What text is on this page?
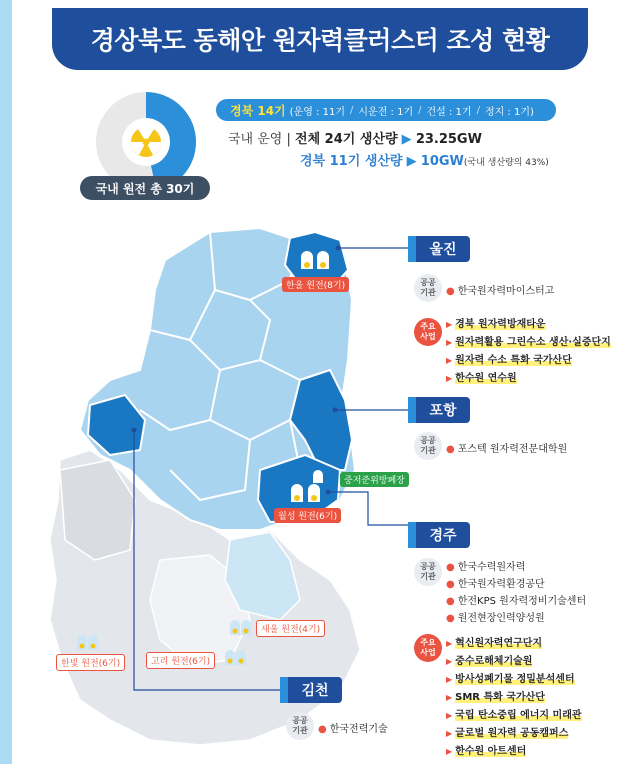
경상북도 동해안 원자력클러스터 조성 현황
국내 원전 총 30기
경북 14기 (운영 : 11기 / 시운전 : 1기 / 건설 : 1기 / 정지 : 1기)
국내 운영 | 전체 24기 생산량 ▶ 23.25GW
경북 11기 생산량 ▶ 10GW(국내 생산량의 43%)
한울 원전(8기)
중저준위방폐장
월성 원전(6기)
새울 원전(4기)
고리 원전(6기)
한빛 원전(6기)
울진
공공
기관 ● 한국원자력마이스터고
주요
사업
▶ 경북 원자력방재타운
▶ 원자력활용 그린수소 생산·실증단지
▶ 원자력 수소 특화 국가산단
▶ 한수원 연수원
포항
공공
기관 ● 포스텍 원자력전문대학원
경주
공공
기관
● 한국수력원자력
● 한국원자력환경공단
● 한전KPS 원자력정비기술센터
● 원전현장인력양성원
주요
사업
▶ 혁신원자력연구단지
▶ 중수로해체기술원
▶ 방사성폐기물 정밀분석센터
▶ SMR 특화 국가산단
▶ 국립 탄소중립 에너지 미래관
▶ 글로벌 원자력 공동캠퍼스
▶ 한수원 아트센터
김천
공공
기관 ● 한국전력기술
